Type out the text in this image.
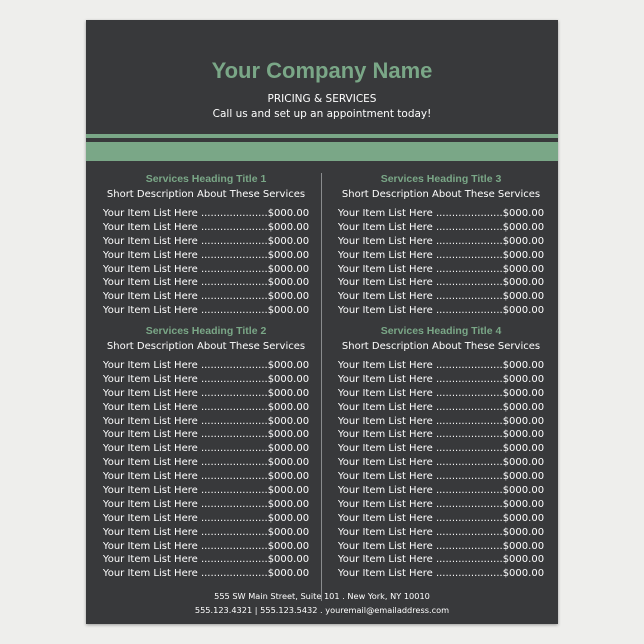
Your Company Name
PRICING & SERVICES
Call us and set up an appointment today!
Services Heading Title 1
Short Description About These Services
Your Item List Here .....................$000.00
Your Item List Here .....................$000.00
Your Item List Here .....................$000.00
Your Item List Here .....................$000.00
Your Item List Here .....................$000.00
Your Item List Here .....................$000.00
Your Item List Here .....................$000.00
Your Item List Here .....................$000.00
Services Heading Title 3
Short Description About These Services
Your Item List Here .....................$000.00
Your Item List Here .....................$000.00
Your Item List Here .....................$000.00
Your Item List Here .....................$000.00
Your Item List Here .....................$000.00
Your Item List Here .....................$000.00
Your Item List Here .....................$000.00
Your Item List Here .....................$000.00
Services Heading Title 2
Short Description About These Services
Your Item List Here .....................$000.00
Your Item List Here .....................$000.00
Your Item List Here .....................$000.00
Your Item List Here .....................$000.00
Your Item List Here .....................$000.00
Your Item List Here .....................$000.00
Your Item List Here .....................$000.00
Your Item List Here .....................$000.00
Your Item List Here .....................$000.00
Your Item List Here .....................$000.00
Your Item List Here .....................$000.00
Your Item List Here .....................$000.00
Your Item List Here .....................$000.00
Your Item List Here .....................$000.00
Your Item List Here .....................$000.00
Your Item List Here .....................$000.00
Services Heading Title 4
Short Description About These Services
Your Item List Here .....................$000.00
Your Item List Here .....................$000.00
Your Item List Here .....................$000.00
Your Item List Here .....................$000.00
Your Item List Here .....................$000.00
Your Item List Here .....................$000.00
Your Item List Here .....................$000.00
Your Item List Here .....................$000.00
Your Item List Here .....................$000.00
Your Item List Here .....................$000.00
Your Item List Here .....................$000.00
Your Item List Here .....................$000.00
Your Item List Here .....................$000.00
Your Item List Here .....................$000.00
Your Item List Here .....................$000.00
Your Item List Here .....................$000.00
555 SW Main Street, Suite 101 . New York, NY 10010
555.123.4321 | 555.123.5432 . youremail@emailaddress.com
